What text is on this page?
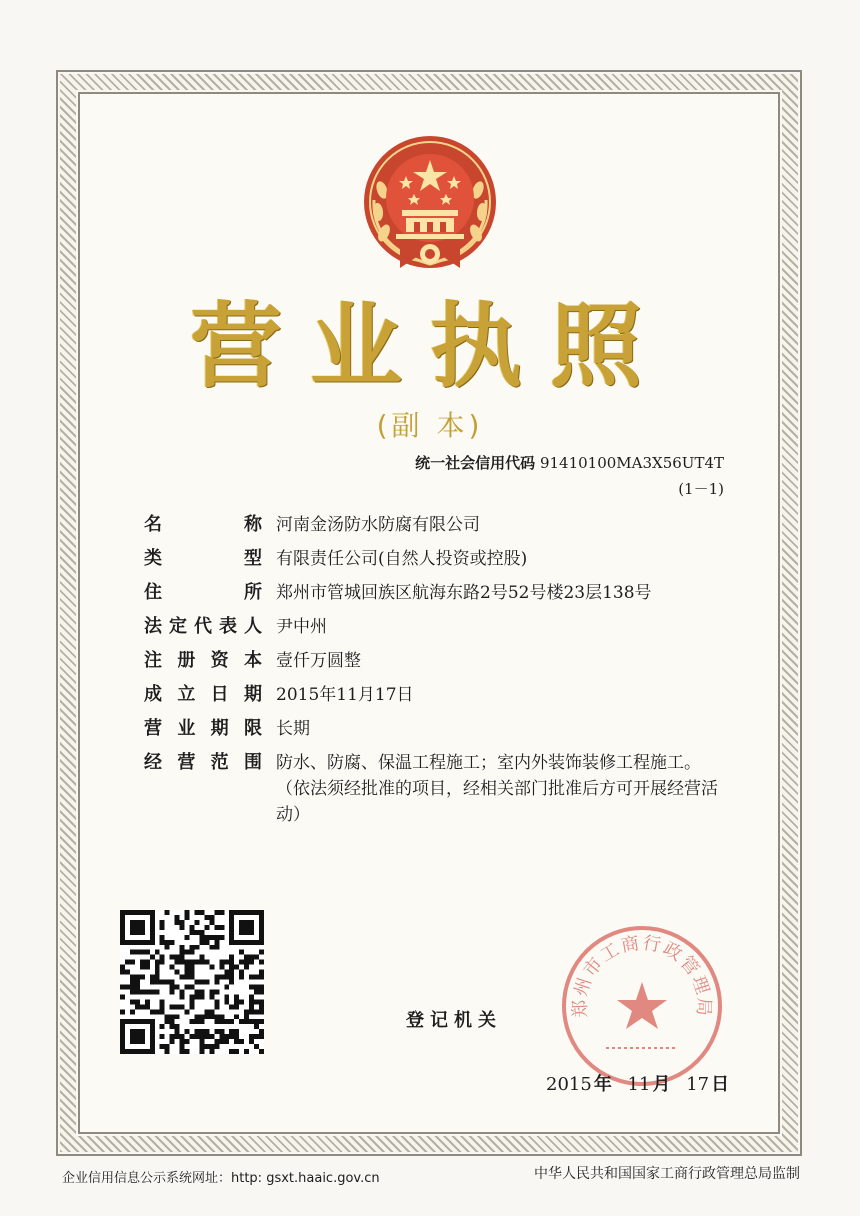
营业执照
(副 本)
统一社会信用代码 91410100MA3X56UT4T
(1－1)
名	称 河南金汤防水防腐有限公司
类	型 有限责任公司(自然人投资或控股)
住	所 郑州市管城回族区航海东路2号52号楼23层138号
法 定 代 表 人 尹中州
注 册 资 本 壹仟万圆整
成 立 日 期 2015年11月17日
营 业 期 限 长期
经 营 范 围 防水、防腐、保温工程施工；室内外装饰装修工程施工。
（依法须经批准的项目，经相关部门批准后方可开展经营活动）
登记机关
郑州市工商行政管理局
2015 年 11 月 17 日
企业信用信息公示系统网址：http: gsxt.haaic.gov.cn	中华人民共和国国家工商行政管理总局监制
